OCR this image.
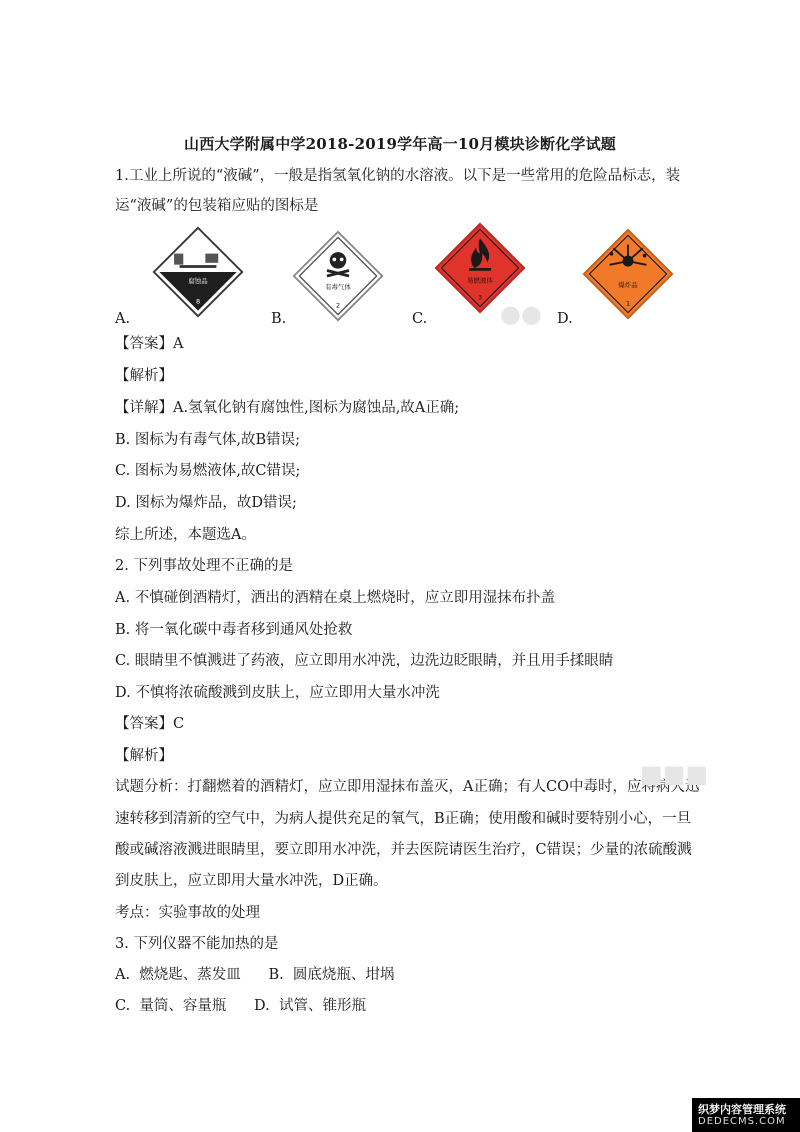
山西大学附属中学2018-2019学年高一10月模块诊断化学试题
1.工业上所说的“液碱”，一般是指氢氧化钠的水溶液。以下是一些常用的危险品标志，装
运“液碱”的包装箱应贴的图标是
腐蚀品
8
A.
有毒气体
2
B.
易燃液体
3
C.
爆炸品
1
D.
●●
【答案】A
【解析】
【详解】A.氢氧化钠有腐蚀性,图标为腐蚀品,故A正确;
B. 图标为有毒气体,故B错误;
C. 图标为易燃液体,故C错误;
D. 图标为爆炸品，故D错误;
综上所述，本题选A。
2. 下列事故处理不正确的是
A. 不慎碰倒酒精灯，洒出的酒精在桌上燃烧时，应立即用湿抹布扑盖
B. 将一氧化碳中毒者移到通风处抢救
C. 眼睛里不慎溅进了药液，应立即用水冲洗，边洗边眨眼睛，并且用手揉眼睛
D. 不慎将浓硫酸溅到皮肤上，应立即用大量水冲洗
【答案】C
【解析】
试题分析：打翻燃着的酒精灯，应立即用湿抹布盖灭，A正确；有人CO中毒时，应将病人迅
速转移到清新的空气中，为病人提供充足的氧气，B正确；使用酸和碱时要特别小心，一旦
酸或碱溶液溅进眼睛里，要立即用水冲洗，并去医院请医生治疗，C错误；少量的浓硫酸溅
到皮肤上，应立即用大量水冲洗，D正确。
考点：实验事故的处理
■■■
3. 下列仪器不能加热的是
A.  燃烧匙、蒸发皿      B.  圆底烧瓶、坩埚
C.  量筒、容量瓶      D.  试管、锥形瓶
织梦内容管理系统
DEDECMS.COM
